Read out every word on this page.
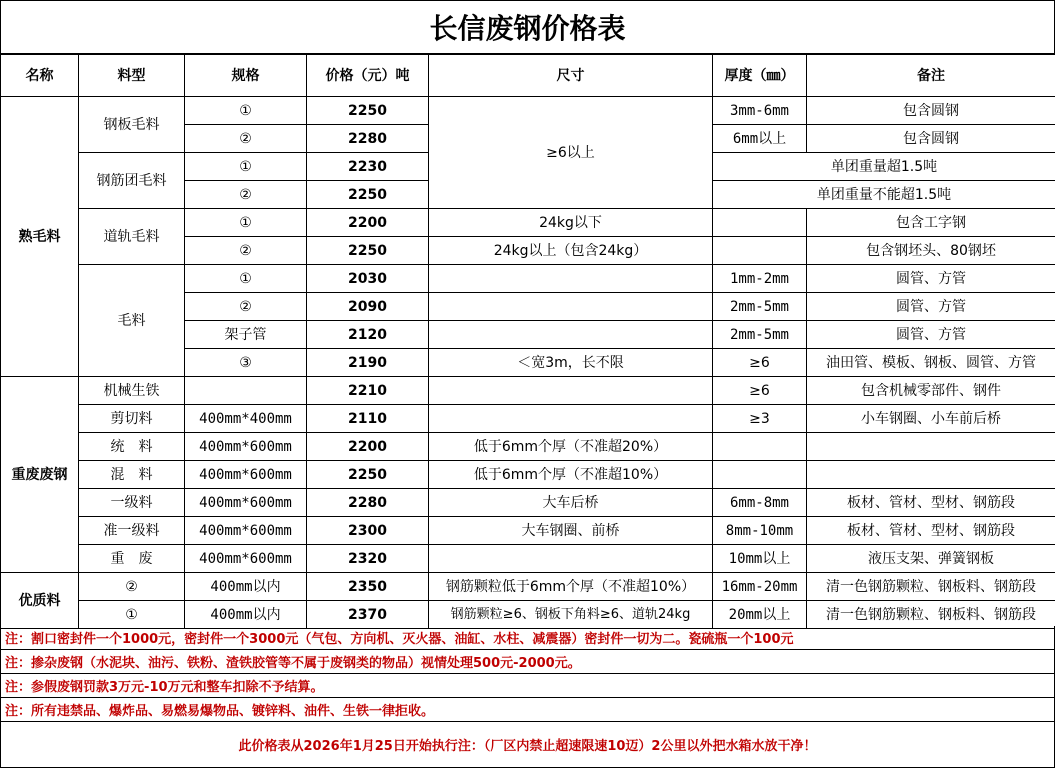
长信废钢价格表
名称	料型	规格	价格（元）吨	尺寸	厚度（㎜）	备注
熟毛料	钢板毛料	①	2250	≥6以上	3mm-6mm	包含圆钢
		②	2280		6mm以上	包含圆钢
	钢筋团毛料	①	2230		单团重量超1.5吨	
		②	2250		单团重量不能超1.5吨	
	道轨毛料	①	2200	24kg以下		包含工字钢
		②	2250	24kg以上（包含24kg）		包含钢坯头、80钢坯
	毛料	①	2030		1mm-2mm	圆管、方管
		②	2090		2mm-5mm	圆管、方管
		架子管	2120		2mm-5mm	圆管、方管
		③	2190	＜宽3m，长不限	≥6	油田管、模板、钢板、圆管、方管
重废废钢	机械生铁		2210		≥6	包含机械零部件、钢件
	剪切料	400mm*400mm	2110		≥3	小车钢圈、小车前后桥
	统　料	400mm*600mm	2200	低于6mm个厚（不准超20%）		
	混　料	400mm*600mm	2250	低于6mm个厚（不准超10%）		
	一级料	400mm*600mm	2280	大车后桥	6mm-8mm	板材、管材、型材、钢筋段
	准一级料	400mm*600mm	2300	大车钢圈、前桥	8mm-10mm	板材、管材、型材、钢筋段
	重　废	400mm*600mm	2320		10mm以上	液压支架、弹簧钢板
优质料	②	400mm以内	2350	钢筋颗粒低于6mm个厚（不准超10%）	16mm-20mm	清一色钢筋颗粒、钢板料、钢筋段
	①	400mm以内	2370	钢筋颗粒≥6、钢板下角料≥6、道轨24kg	20mm以上	清一色钢筋颗粒、钢板料、钢筋段
注：割口密封件一个1000元，密封件一个3000元（气包、方向机、灭火器、油缸、水柱、减震器）密封件一切为二。瓷硫瓶一个100元
注：掺杂废钢（水泥块、油污、铁粉、渣铁胶管等不属于废钢类的物品）视情处理500元-2000元。
注：参假废钢罚款3万元-10万元和整车扣除不予结算。
注：所有违禁品、爆炸品、易燃易爆物品、镀锌料、油件、生铁一律拒收。
此价格表从2026年1月25日开始执行注：（厂区内禁止超速限速10迈）2公里以外把水箱水放干净！
